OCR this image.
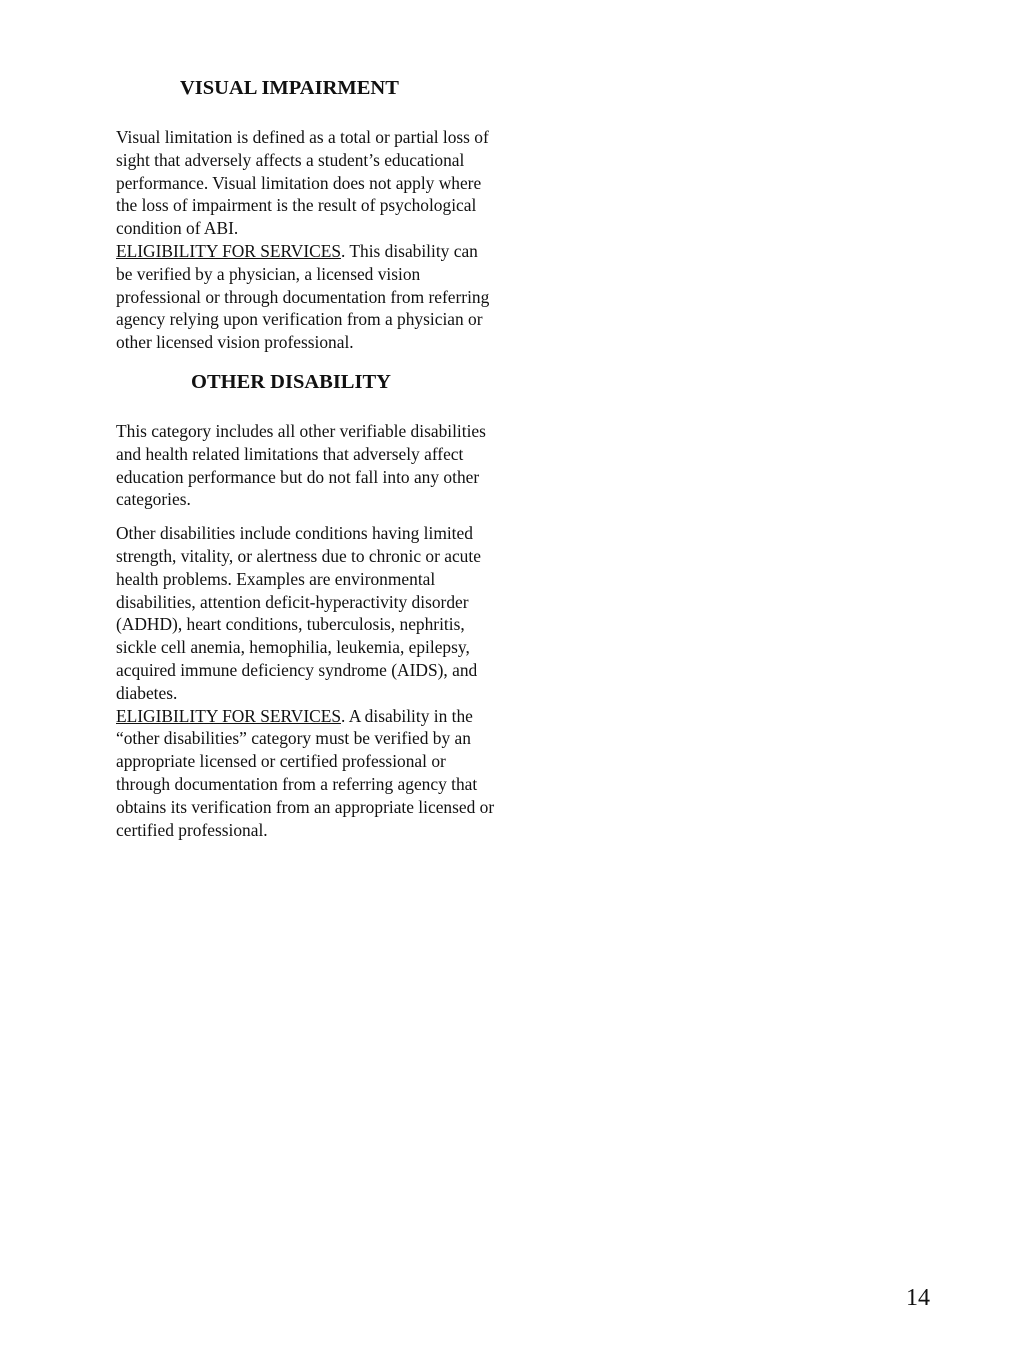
VISUAL IMPAIRMENT

Visual limitation is defined as a total or partial loss of sight that adversely affects a student’s educational performance. Visual limitation does not apply where the loss of impairment is the result of psychological condition of ABI.
ELIGIBILITY FOR SERVICES. This disability can be verified by a physician, a licensed vision professional or through documentation from referring agency relying upon verification from a physician or other licensed vision professional.

OTHER DISABILITY

This category includes all other verifiable disabilities and health related limitations that adversely affect education performance but do not fall into any other categories.

Other disabilities include conditions having limited strength, vitality, or alertness due to chronic or acute health problems. Examples are environmental disabilities, attention deficit-hyperactivity disorder (ADHD), heart conditions, tuberculosis, nephritis, sickle cell anemia, hemophilia, leukemia, epilepsy, acquired immune deficiency syndrome (AIDS), and diabetes.
ELIGIBILITY FOR SERVICES. A disability in the “other disabilities” category must be verified by an appropriate licensed or certified professional or through documentation from a referring agency that obtains its verification from an appropriate licensed or certified professional.

14
